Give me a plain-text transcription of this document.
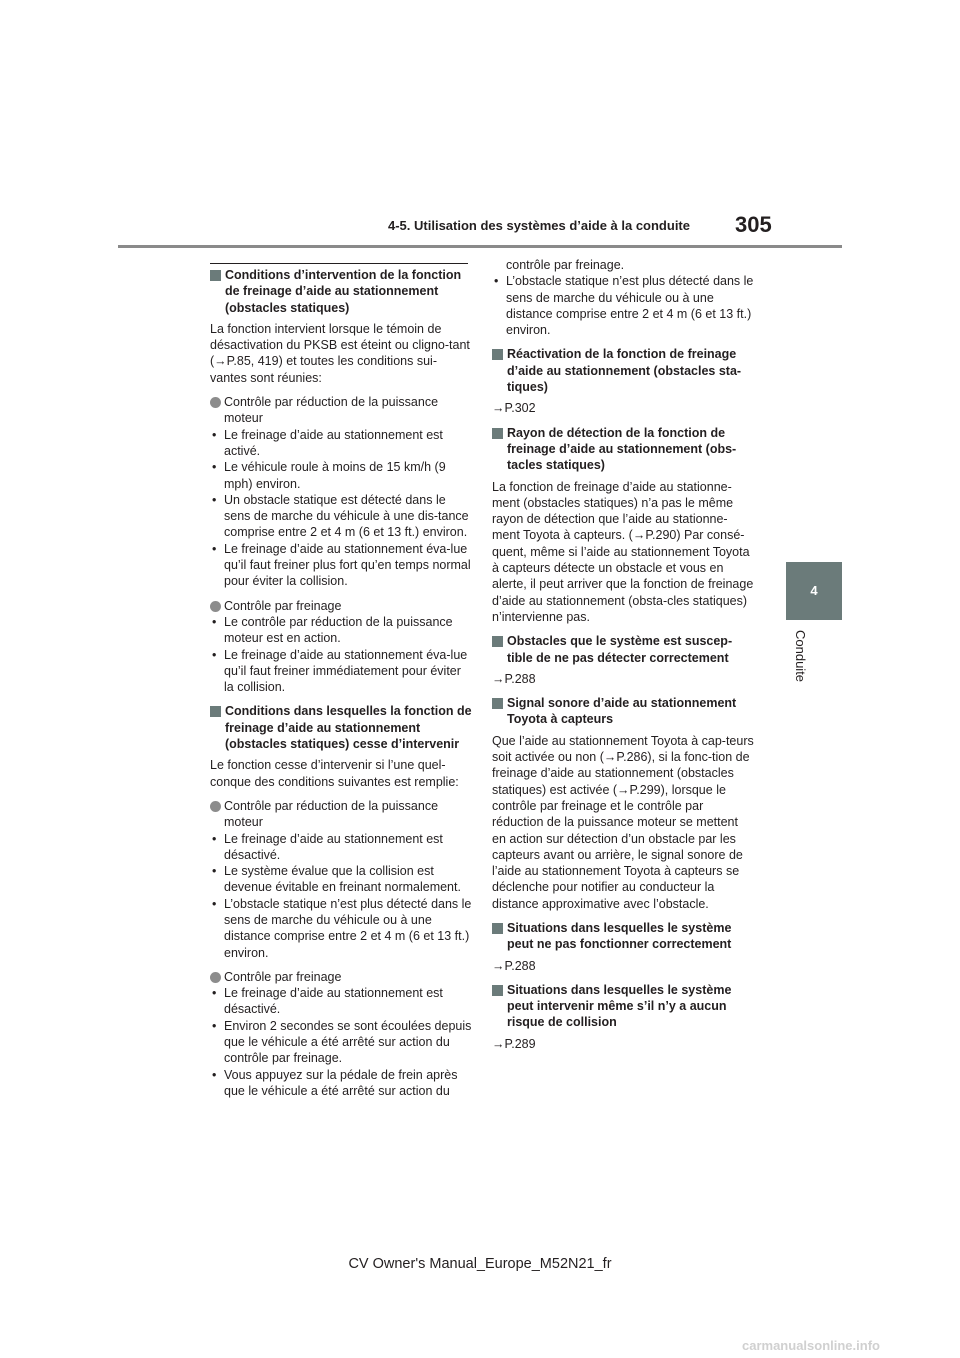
4-5. Utilisation des systèmes d’aide à la conduite	305
4
Conduite

Conditions d’intervention de la fonction de freinage d’aide au stationnement (obstacles statiques)

La fonction intervient lorsque le témoin de désactivation du PKSB est éteint ou cligno-tant (→P.85, 419) et toutes les conditions sui-vantes sont réunies:

Contrôle par réduction de la puissance moteur

• Le freinage d’aide au stationnement est activé.

• Le véhicule roule à moins de 15 km/h (9 mph) environ.

• Un obstacle statique est détecté dans le sens de marche du véhicule à une dis-tance comprise entre 2 et 4 m (6 et 13 ft.) environ.

• Le freinage d’aide au stationnement éva-lue qu’il faut freiner plus fort qu’en temps normal pour éviter la collision.

Contrôle par freinage

• Le contrôle par réduction de la puissance moteur est en action.

• Le freinage d’aide au stationnement éva-lue qu’il faut freiner immédiatement pour éviter la collision.

Conditions dans lesquelles la fonction de freinage d’aide au stationnement (obstacles statiques) cesse d’intervenir

Le fonction cesse d’intervenir si l’une quel-conque des conditions suivantes est remplie:

Contrôle par réduction de la puissance moteur

• Le freinage d’aide au stationnement est désactivé.

• Le système évalue que la collision est devenue évitable en freinant normalement.

• L’obstacle statique n’est plus détecté dans le sens de marche du véhicule ou à une distance comprise entre 2 et 4 m (6 et 13 ft.) environ.

Contrôle par freinage

• Le freinage d’aide au stationnement est désactivé.

• Environ 2 secondes se sont écoulées depuis que le véhicule a été arrêté sur action du contrôle par freinage.

• Vous appuyez sur la pédale de frein après que le véhicule a été arrêté sur action du

contrôle par freinage.

• L’obstacle statique n’est plus détecté dans le sens de marche du véhicule ou à une distance comprise entre 2 et 4 m (6 et 13 ft.) environ.

Réactivation de la fonction de freinage d’aide au stationnement (obstacles sta-tiques)

→P.302

Rayon de détection de la fonction de freinage d’aide au stationnement (obs-tacles statiques)

La fonction de freinage d’aide au stationne-ment (obstacles statiques) n’a pas le même rayon de détection que l’aide au stationne-ment Toyota à capteurs. (→P.290) Par consé-quent, même si l’aide au stationnement Toyota à capteurs détecte un obstacle et vous en alerte, il peut arriver que la fonction de freinage d’aide au stationnement (obsta-cles statiques) n’intervienne pas.

Obstacles que le système est suscep-tible de ne pas détecter correctement

→P.288

Signal sonore d’aide au stationnement Toyota à capteurs

Que l’aide au stationnement Toyota à cap-teurs soit activée ou non (→P.286), si la fonc-tion de freinage d’aide au stationnement (obstacles statiques) est activée (→P.299), lorsque le contrôle par freinage et le contrôle par réduction de la puissance moteur se mettent en action sur détection d’un obstacle par les capteurs avant ou arrière, le signal sonore de l’aide au stationnement Toyota à capteurs se déclenche pour notifier au conducteur la distance approximative avec l’obstacle.

Situations dans lesquelles le système peut ne pas fonctionner correctement

→P.288

Situations dans lesquelles le système peut intervenir même s’il n’y a aucun risque de collision

→P.289

CV Owner's Manual_Europe_M52N21_fr
carmanualsonline.info
